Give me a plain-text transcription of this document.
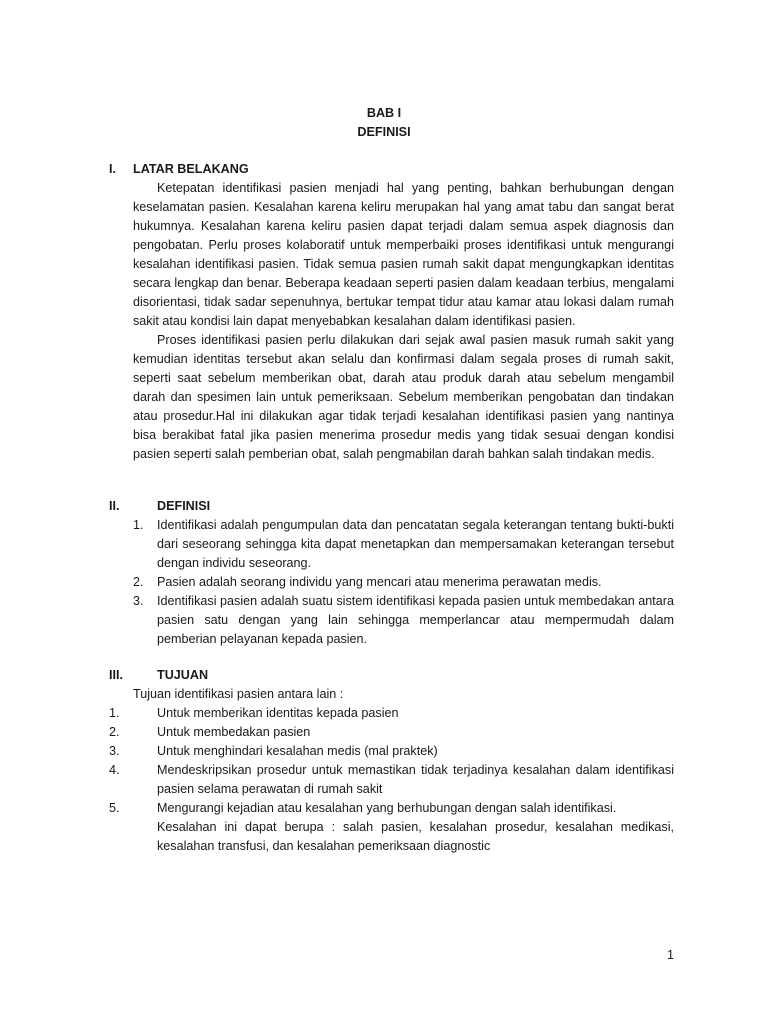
BAB I
DEFINISI
I. LATAR BELAKANG

Ketepatan identifikasi pasien menjadi hal yang penting, bahkan berhubungan dengan keselamatan pasien. Kesalahan karena keliru merupakan hal yang amat tabu dan sangat berat hukumnya. Kesalahan karena keliru pasien dapat terjadi dalam semua aspek diagnosis dan pengobatan. Perlu proses kolaboratif untuk memperbaiki proses identifikasi untuk mengurangi kesalahan identifikasi pasien. Tidak semua pasien rumah sakit dapat mengungkapkan identitas secara lengkap dan benar. Beberapa keadaan seperti pasien dalam keadaan terbius, mengalami disorientasi, tidak sadar sepenuhnya, bertukar tempat tidur atau kamar atau lokasi dalam rumah sakit atau kondisi lain dapat menyebabkan kesalahan dalam identifikasi pasien.

Proses identifikasi pasien perlu dilakukan dari sejak awal pasien masuk rumah sakit yang kemudian identitas tersebut akan selalu dan konfirmasi dalam segala proses di rumah sakit, seperti saat sebelum memberikan obat, darah atau produk darah atau sebelum mengambil darah dan spesimen lain untuk pemeriksaan. Sebelum memberikan pengobatan dan tindakan atau prosedur.Hal ini dilakukan agar tidak terjadi kesalahan identifikasi pasien yang nantinya bisa berakibat fatal jika pasien menerima prosedur medis yang tidak sesuai dengan kondisi pasien seperti salah pemberian obat, salah pengmabilan darah bahkan salah tindakan medis.

II.	DEFINISI
1. Identifikasi adalah pengumpulan data dan pencatatan segala keterangan tentang bukti-bukti dari seseorang sehingga kita dapat menetapkan dan mempersamakan keterangan tersebut dengan individu seseorang.
2. Pasien adalah seorang individu yang mencari atau menerima perawatan medis.
3. Identifikasi pasien adalah suatu sistem identifikasi kepada pasien untuk membedakan antara pasien satu dengan yang lain sehingga memperlancar atau mempermudah dalam pemberian pelayanan kepada pasien.
III.	TUJUAN
Tujuan identifikasi pasien antara lain :
1.	Untuk memberikan identitas kepada pasien
2.	Untuk membedakan pasien
3.	Untuk menghindari kesalahan medis (mal praktek)
4.	Mendeskripsikan prosedur untuk memastikan tidak terjadinya kesalahan dalam identifikasi pasien selama perawatan di rumah sakit
5.	Mengurangi kejadian atau kesalahan yang berhubungan dengan salah identifikasi.
Kesalahan ini dapat berupa : salah pasien, kesalahan prosedur, kesalahan medikasi, kesalahan transfusi, dan kesalahan pemeriksaan diagnostic
1
